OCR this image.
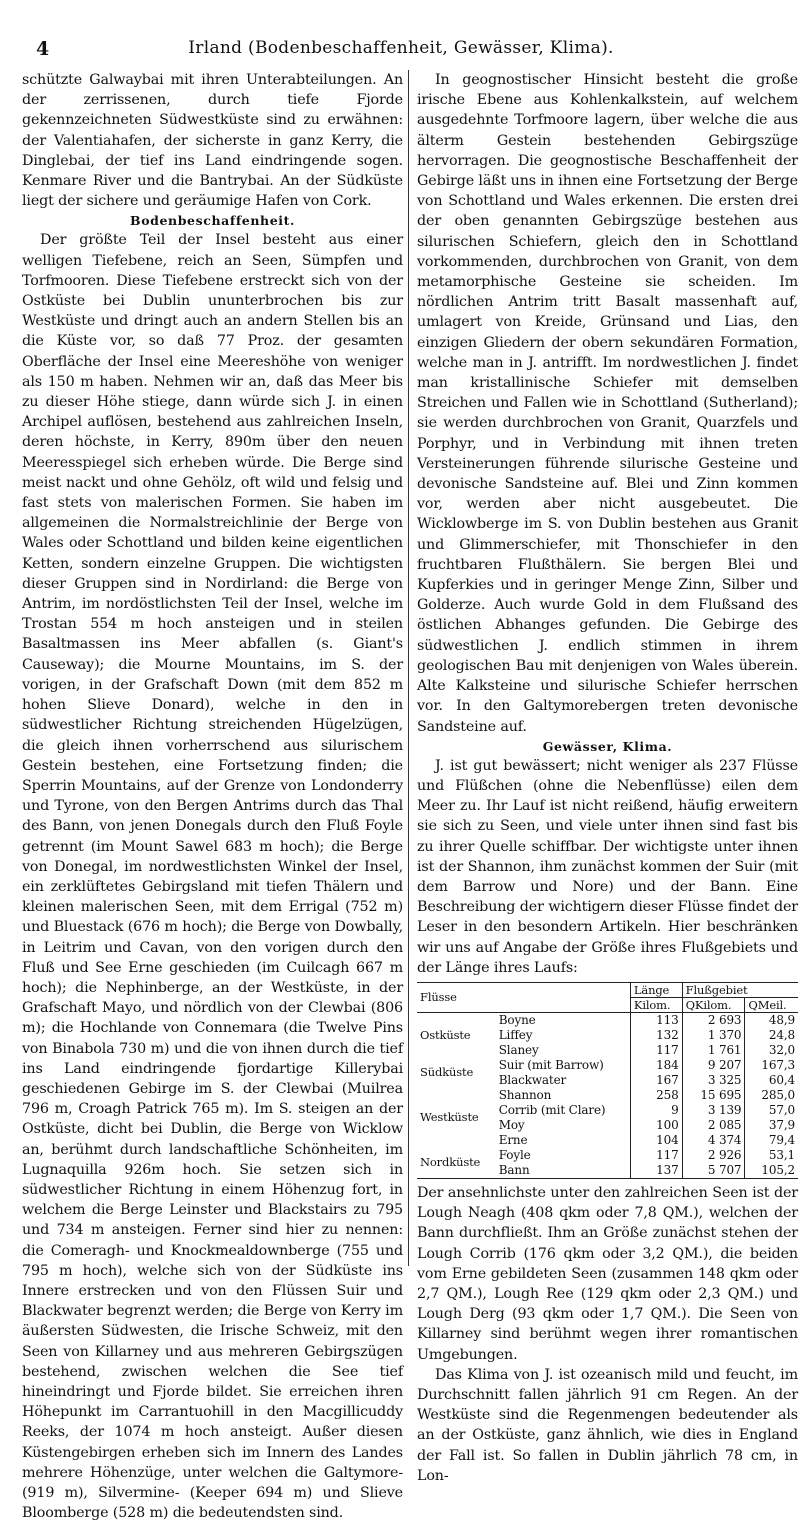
4	Irland (Bodenbeschaffenheit, Gewässer, Klima).

schützte Galwaybai mit ihren Unterabteilungen. An der zerrissenen, durch tiefe Fjorde gekennzeichneten Südwestküste sind zu erwähnen: der Valentiahafen, der sicherste in ganz Kerry, die Dinglebai, der tief ins Land eindringende sogen. Kenmare River und die Bantrybai. An der Südküste liegt der sichere und geräumige Hafen von Cork.

Bodenbeschaffenheit.

Der größte Teil der Insel besteht aus einer welligen Tiefebene, reich an Seen, Sümpfen und Torfmooren. Diese Tiefebene erstreckt sich von der Ostküste bei Dublin ununterbrochen bis zur Westküste und dringt auch an andern Stellen bis an die Küste vor, so daß 77 Proz. der gesamten Oberfläche der Insel eine Meereshöhe von weniger als 150 m haben. Nehmen wir an, daß das Meer bis zu dieser Höhe stiege, dann würde sich J. in einen Archipel auflösen, bestehend aus zahlreichen Inseln, deren höchste, in Kerry, 890m über den neuen Meeresspiegel sich erheben würde. Die Berge sind meist nackt und ohne Gehölz, oft wild und felsig und fast stets von malerischen Formen. Sie haben im allgemeinen die Normalstreichlinie der Berge von Wales oder Schottland und bilden keine eigentlichen Ketten, sondern einzelne Gruppen. Die wichtigsten dieser Gruppen sind in Nordirland: die Berge von Antrim, im nordöstlichsten Teil der Insel, welche im Trostan 554 m hoch ansteigen und in steilen Basaltmassen ins Meer abfallen (s. Giant's Causeway); die Mourne Mountains, im S. der vorigen, in der Grafschaft Down (mit dem 852 m hohen Slieve Donard), welche in den in südwestlicher Richtung streichenden Hügelzügen, die gleich ihnen vorherrschend aus silurischem Gestein bestehen, eine Fortsetzung finden; die Sperrin Mountains, auf der Grenze von Londonderry und Tyrone, von den Bergen Antrims durch das Thal des Bann, von jenen Donegals durch den Fluß Foyle getrennt (im Mount Sawel 683 m hoch); die Berge von Donegal, im nordwestlichsten Winkel der Insel, ein zerklüftetes Gebirgsland mit tiefen Thälern und kleinen malerischen Seen, mit dem Errigal (752 m) und Bluestack (676 m hoch); die Berge von Dowbally, in Leitrim und Cavan, von den vorigen durch den Fluß und See Erne geschieden (im Cuilcagh 667 m hoch); die Nephinberge, an der Westküste, in der Grafschaft Mayo, und nördlich von der Clewbai (806 m); die Hochlande von Connemara (die Twelve Pins von Binabola 730 m) und die von ihnen durch die tief ins Land eindringende fjordartige Killerybai geschiedenen Gebirge im S. der Clewbai (Muilrea 796 m, Croagh Patrick 765 m). Im S. steigen an der Ostküste, dicht bei Dublin, die Berge von Wicklow an, berühmt durch landschaftliche Schönheiten, im Lugnaquilla 926m hoch. Sie setzen sich in südwestlicher Richtung in einem Höhenzug fort, in welchem die Berge Leinster und Blackstairs zu 795 und 734 m ansteigen. Ferner sind hier zu nennen: die Comeragh- und Knockmealdownberge (755 und 795 m hoch), welche sich von der Südküste ins Innere erstrecken und von den Flüssen Suir und Blackwater begrenzt werden; die Berge von Kerry im äußersten Südwesten, die Irische Schweiz, mit den Seen von Killarney und aus mehreren Gebirgszügen bestehend, zwischen welchen die See tief hineindringt und Fjorde bildet. Sie erreichen ihren Höhepunkt im Carrantuohill in den Macgillicuddy Reeks, der 1074 m hoch ansteigt. Außer diesen Küstengebirgen erheben sich im Innern des Landes mehrere Höhenzüge, unter welchen die Galtymore- (919 m), Silvermine- (Keeper 694 m) und Slieve Bloomberge (528 m) die bedeutendsten sind.

In geognostischer Hinsicht besteht die große irische Ebene aus Kohlenkalkstein, auf welchem ausgedehnte Torfmoore lagern, über welche die aus älterm Gestein bestehenden Gebirgszüge hervorragen. Die geognostische Beschaffenheit der Gebirge läßt uns in ihnen eine Fortsetzung der Berge von Schottland und Wales erkennen. Die ersten drei der oben genannten Gebirgszüge bestehen aus silurischen Schiefern, gleich den in Schottland vorkommenden, durchbrochen von Granit, von dem metamorphische Gesteine sie scheiden. Im nördlichen Antrim tritt Basalt massenhaft auf, umlagert von Kreide, Grünsand und Lias, den einzigen Gliedern der obern sekundären Formation, welche man in J. antrifft. Im nordwestlichen J. findet man kristallinische Schiefer mit demselben Streichen und Fallen wie in Schottland (Sutherland); sie werden durchbrochen von Granit, Quarzfels und Porphyr, und in Verbindung mit ihnen treten Versteinerungen führende silurische Gesteine und devonische Sandsteine auf. Blei und Zinn kommen vor, werden aber nicht ausgebeutet. Die Wicklowberge im S. von Dublin bestehen aus Granit und Glimmerschiefer, mit Thonschiefer in den fruchtbaren Flußthälern. Sie bergen Blei und Kupferkies und in geringer Menge Zinn, Silber und Golderze. Auch wurde Gold in dem Flußsand des östlichen Abhanges gefunden. Die Gebirge des südwestlichen J. endlich stimmen in ihrem geologischen Bau mit denjenigen von Wales überein. Alte Kalksteine und silurische Schiefer herrschen vor. In den Galtymorebergen treten devonische Sandsteine auf.

Gewässer, Klima.

J. ist gut bewässert; nicht weniger als 237 Flüsse und Flüßchen (ohne die Nebenflüsse) eilen dem Meer zu. Ihr Lauf ist nicht reißend, häufig erweitern sie sich zu Seen, und viele unter ihnen sind fast bis zu ihrer Quelle schiffbar. Der wichtigste unter ihnen ist der Shannon, ihm zunächst kommen der Suir (mit dem Barrow und Nore) und der Bann. Eine Beschreibung der wichtigern dieser Flüsse findet der Leser in den besondern Artikeln. Hier beschränken wir uns auf Angabe der Größe ihres Flußgebiets und der Länge ihres Laufs:

Flüsse		Länge	Flußgebiet	
		Kilom.	QKilom.	QMeil.
Ostküste	Boyne	113	2 693	48,9
	Liffey	132	1 370	24,8
	Slaney	117	1 761	32,0
Südküste	Suir (mit Barrow)	184	9 207	167,3
	Blackwater	167	3 325	60,4
Westküste	Shannon	258	15 695	285,0
	Corrib (mit Clare)	9	3 139	57,0
	Moy	100	2 085	37,9
	Erne	104	4 374	79,4
Nordküste	Foyle	117	2 926	53,1
	Bann	137	5 707	105,2

Der ansehnlichste unter den zahlreichen Seen ist der Lough Neagh (408 qkm oder 7,8 QM.), welchen der Bann durchfließt. Ihm an Größe zunächst stehen der Lough Corrib (176 qkm oder 3,2 QM.), die beiden vom Erne gebildeten Seen (zusammen 148 qkm oder 2,7 QM.), Lough Ree (129 qkm oder 2,3 QM.) und Lough Derg (93 qkm oder 1,7 QM.). Die Seen von Killarney sind berühmt wegen ihrer romantischen Umgebungen.

Das Klima von J. ist ozeanisch mild und feucht, im Durchschnitt fallen jährlich 91 cm Regen. An der Westküste sind die Regenmengen bedeutender als an der Ostküste, ganz ähnlich, wie dies in England der Fall ist. So fallen in Dublin jährlich 78 cm, in Lon-
